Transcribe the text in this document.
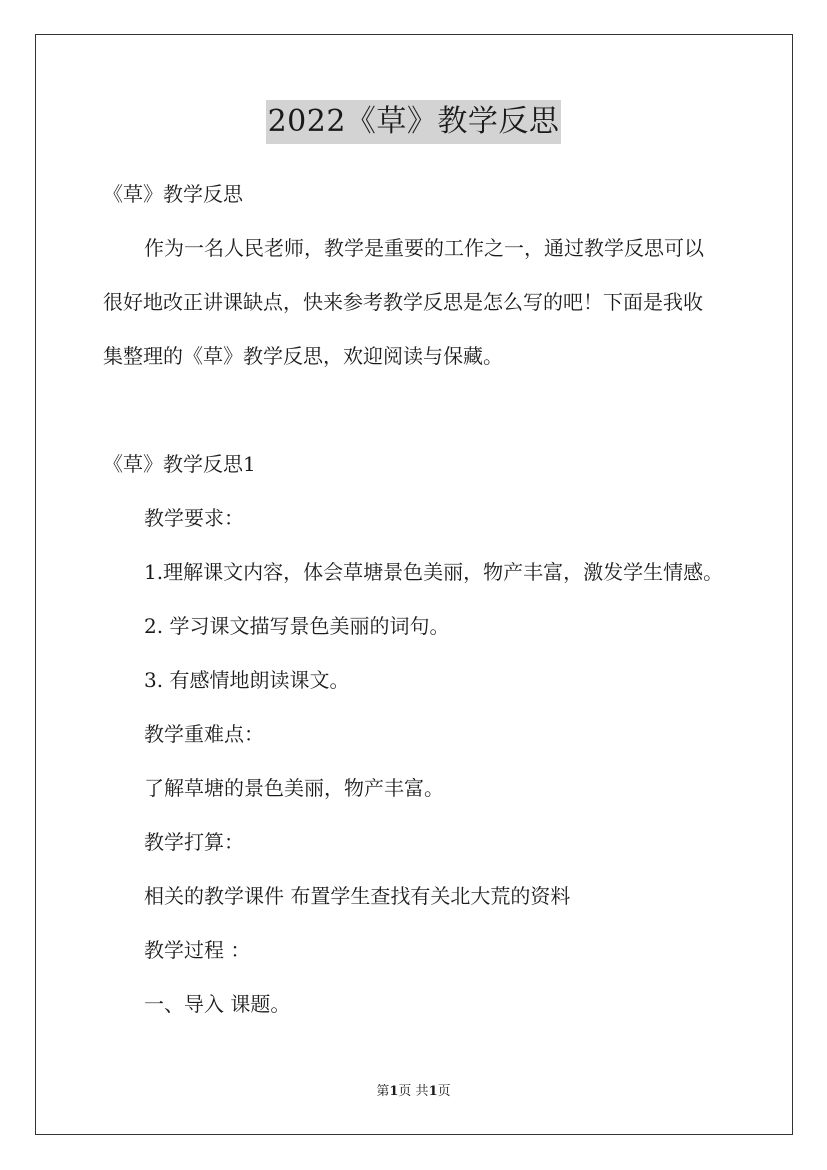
2022《草》教学反思
《草》教学反思
作为一名人民老师，教学是重要的工作之一，通过教学反思可以
很好地改正讲课缺点，快来参考教学反思是怎么写的吧！下面是我收
集整理的《草》教学反思，欢迎阅读与保藏。
《草》教学反思1
教学要求：
1.理解课文内容，体会草塘景色美丽，物产丰富，激发学生情感。
2. 学习课文描写景色美丽的词句。
3. 有感情地朗读课文。
教学重难点：
了解草塘的景色美丽，物产丰富。
教学打算：
相关的教学课件 布置学生查找有关北大荒的资料
教学过程 ：
一、导入 课题。
第1页 共1页
